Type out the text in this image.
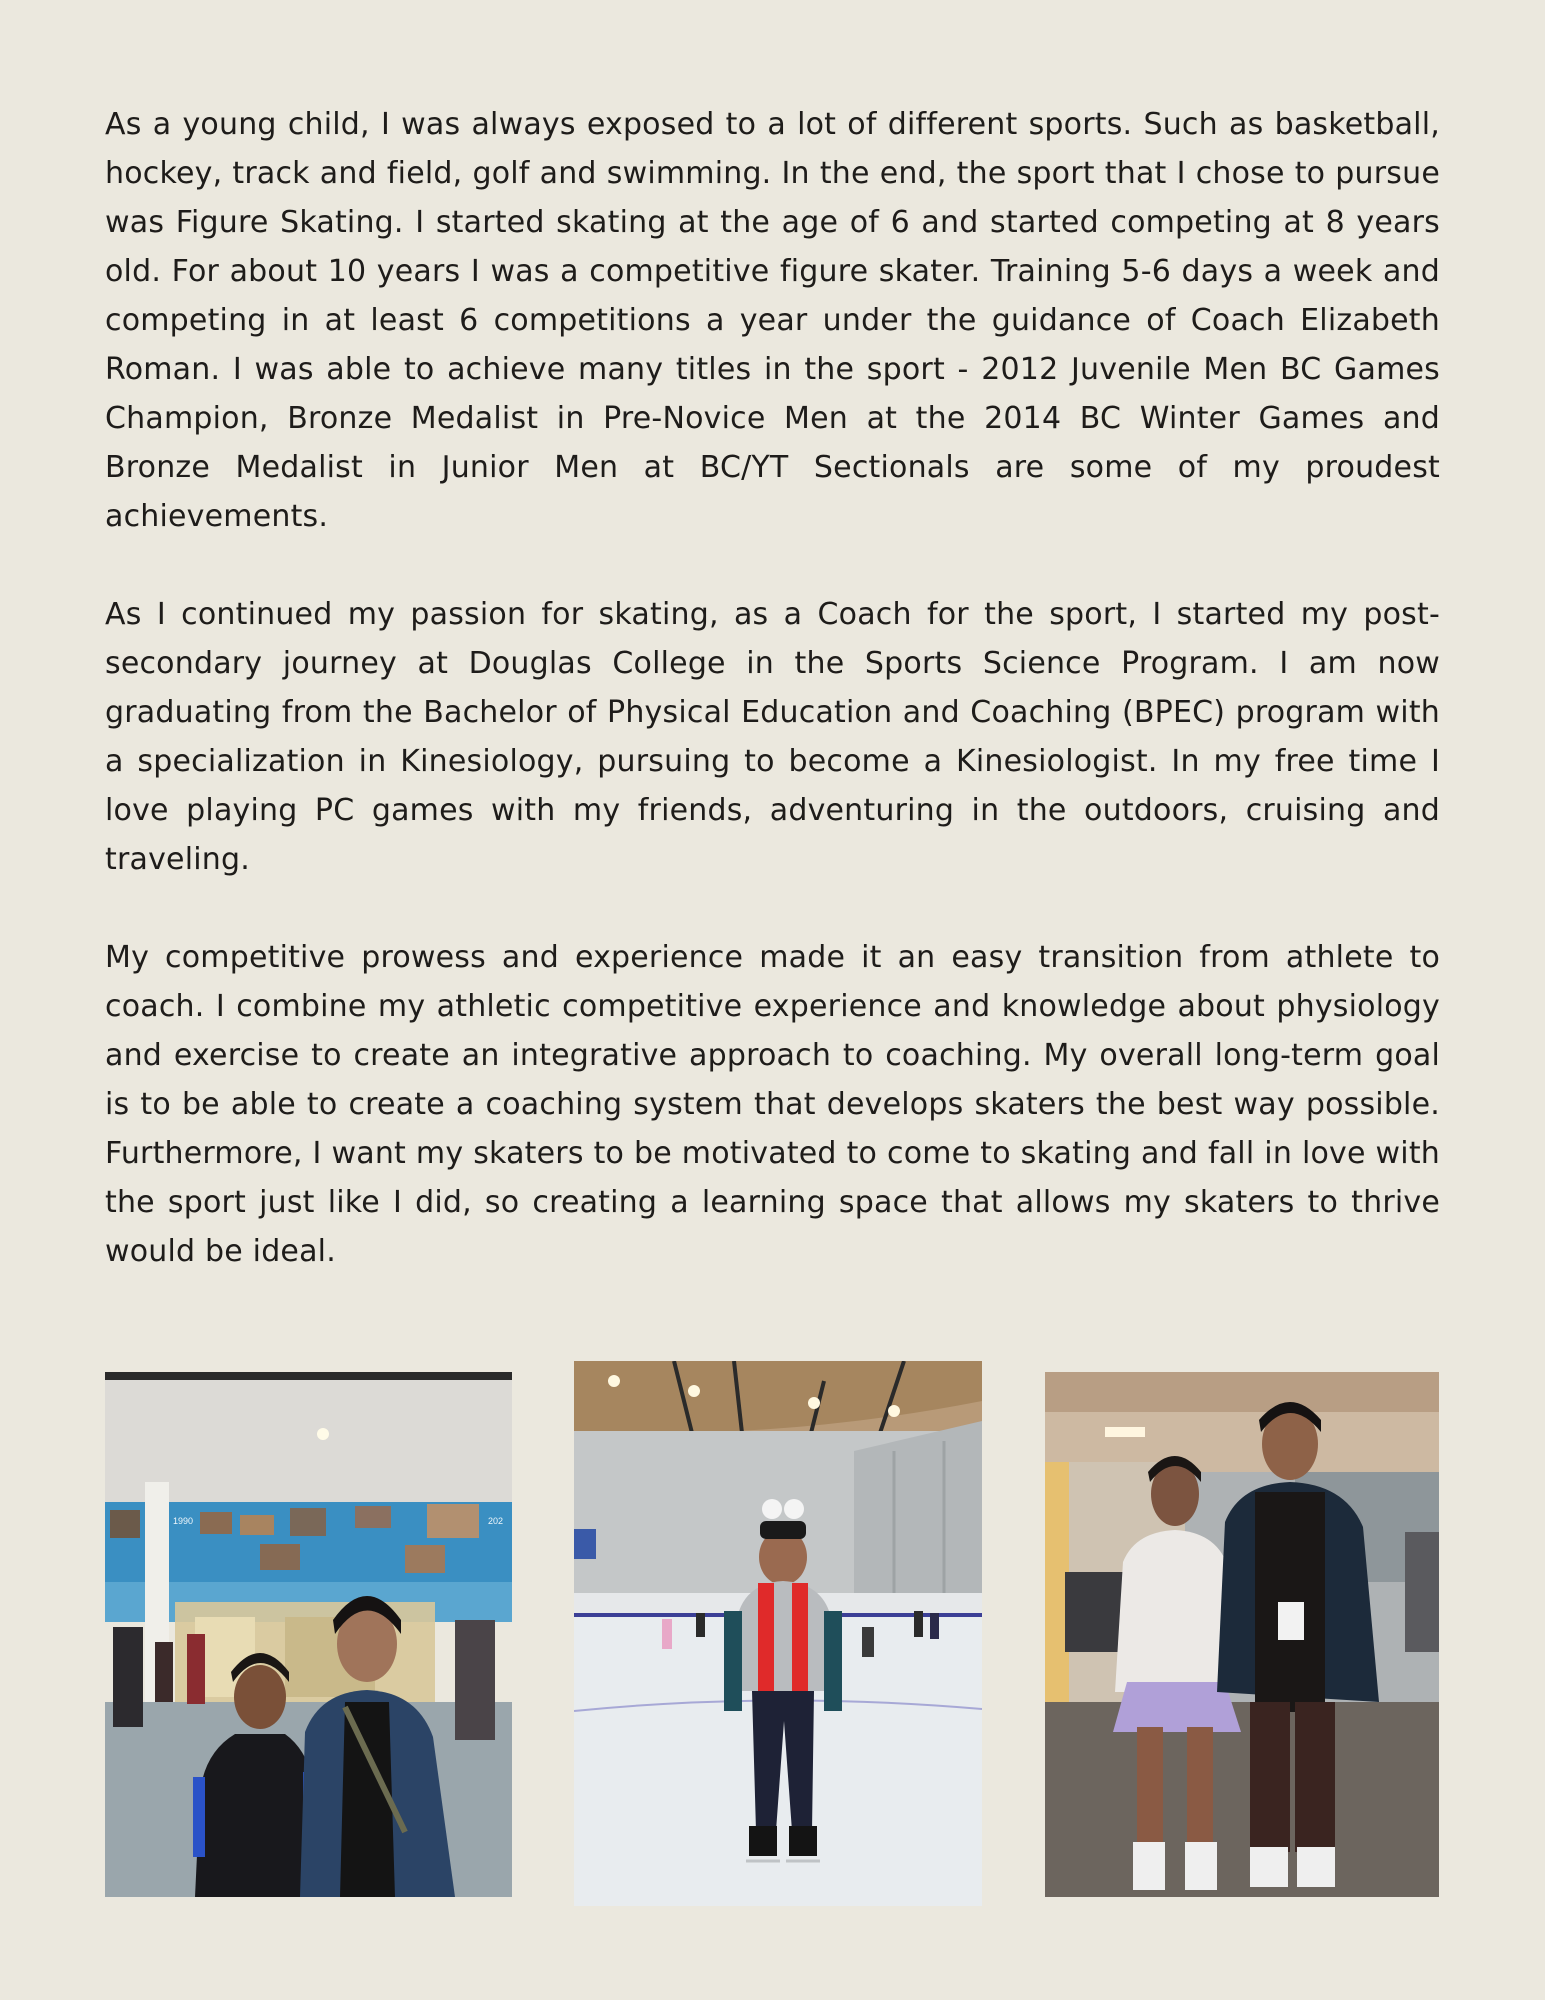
As a young child, I was always exposed to a lot of different sports. Such as basketball, hockey, track and field, golf and swimming. In the end, the sport that I chose to pursue was Figure Skating. I started skating at the age of 6 and started competing at 8 years old. For about 10 years I was a competitive figure skater. Training 5-6 days a week and competing in at least 6 competitions a year under the guidance of Coach Elizabeth Roman. I was able to achieve many titles in the sport - 2012 Juvenile Men BC Games Champion, Bronze Medalist in Pre-Novice Men at the 2014 BC Winter Games and Bronze Medalist in Junior Men at BC/YT Sectionals are some of my proudest achievements.

As I continued my passion for skating, as a Coach for the sport, I started my post-secondary journey at Douglas College in the Sports Science Program. I am now graduating from the Bachelor of Physical Education and Coaching (BPEC) program with a specialization in Kinesiology, pursuing to become a Kinesiologist. In my free time I love playing PC games with my friends, adventuring in the outdoors, cruising and traveling.

My competitive prowess and experience made it an easy transition from athlete to coach. I combine my athletic competitive experience and knowledge about physiology and exercise to create an integrative approach to coaching. My overall long-term goal is to be able to create a coaching system that develops skaters the best way possible. Furthermore, I want my skaters to be motivated to come to skating and fall in love with the sport just like I did, so creating a learning space that allows my skaters to thrive would be ideal.

1990	202
